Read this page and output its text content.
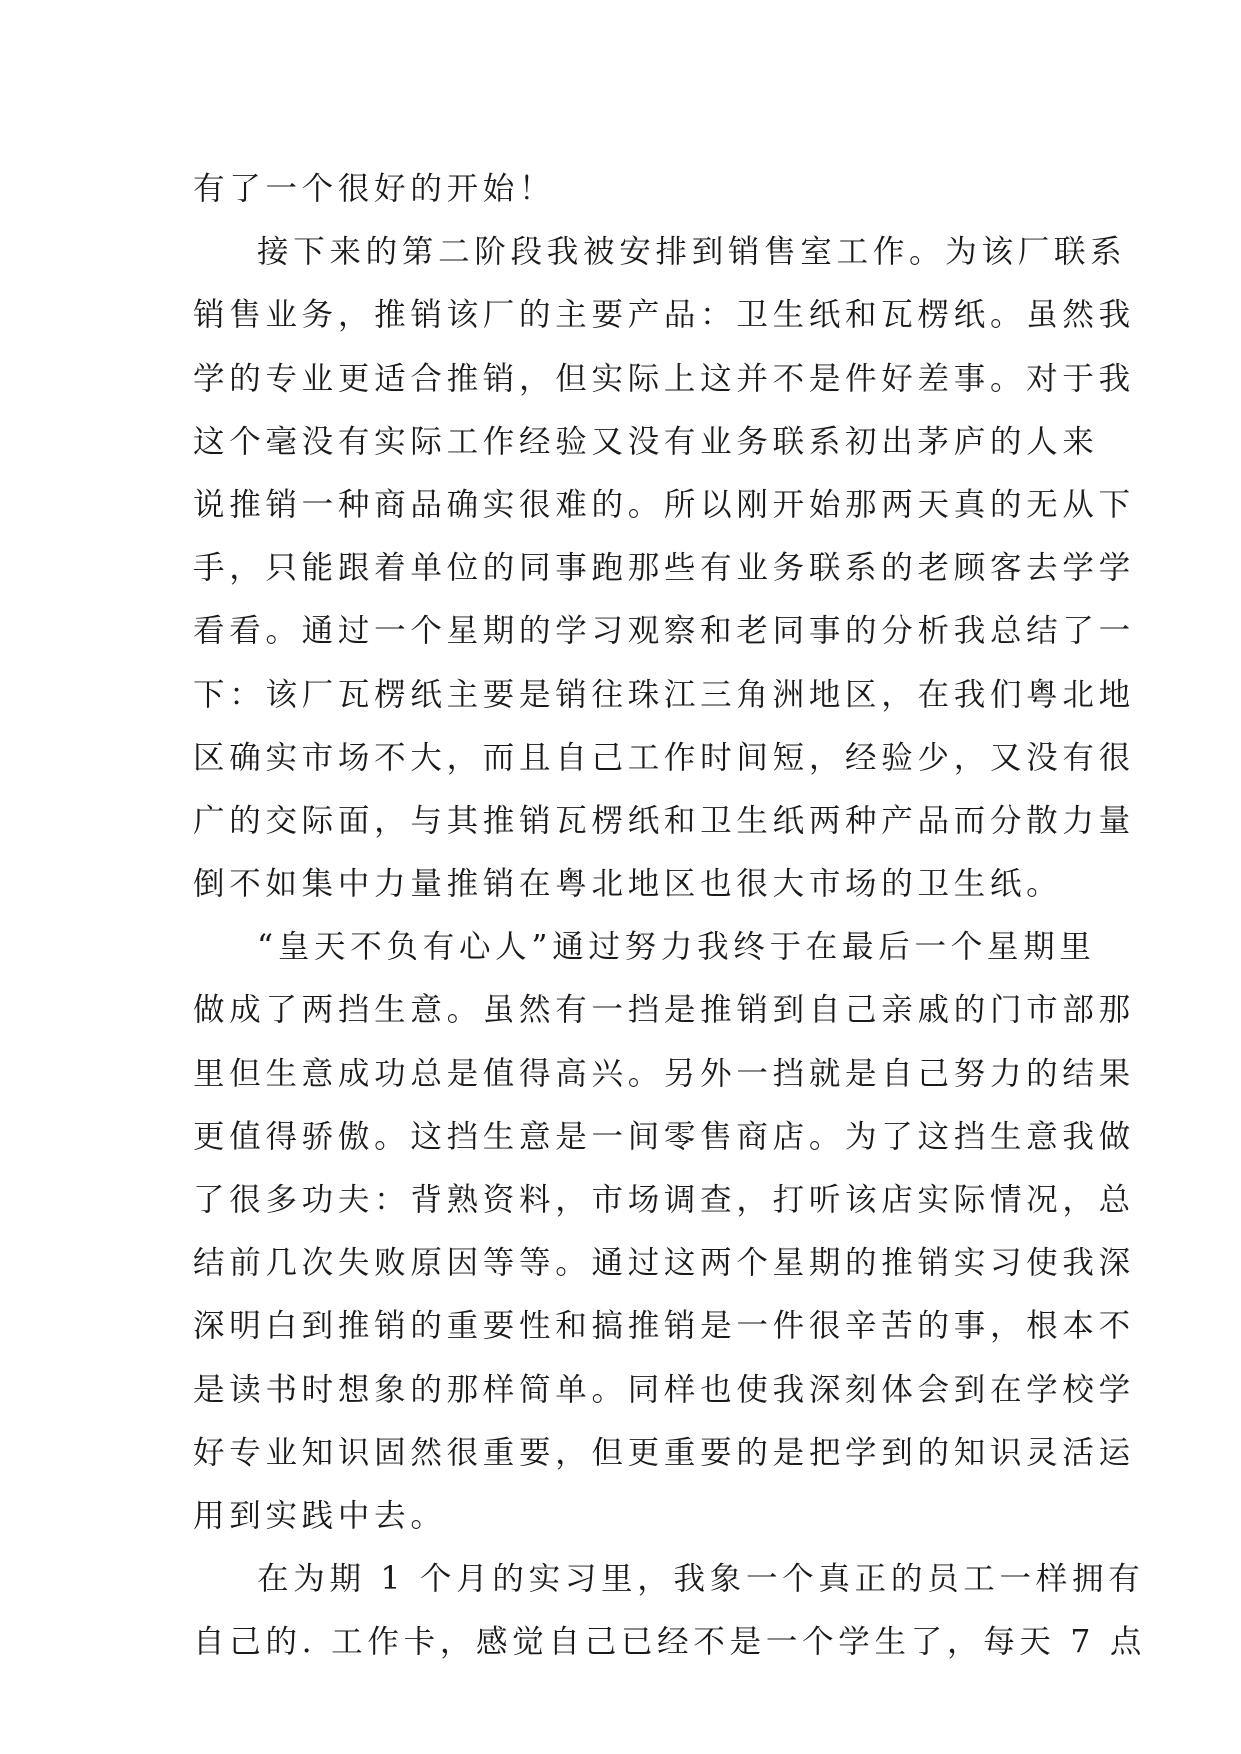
有了一个很好的开始！
接下来的第二阶段我被安排到销售室工作。为该厂联系
销售业务，推销该厂的主要产品：卫生纸和瓦楞纸。虽然我
学的专业更适合推销，但实际上这并不是件好差事。对于我
这个毫没有实际工作经验又没有业务联系初出茅庐的人来
说推销一种商品确实很难的。所以刚开始那两天真的无从下
手，只能跟着单位的同事跑那些有业务联系的老顾客去学学
看看。通过一个星期的学习观察和老同事的分析我总结了一
下：该厂瓦楞纸主要是销往珠江三角洲地区，在我们粤北地
区确实市场不大，而且自己工作时间短，经验少，又没有很
广的交际面，与其推销瓦楞纸和卫生纸两种产品而分散力量
倒不如集中力量推销在粤北地区也很大市场的卫生纸。
“皇天不负有心人”通过努力我终于在最后一个星期里
做成了两挡生意。虽然有一挡是推销到自己亲戚的门市部那
里但生意成功总是值得高兴。另外一挡就是自己努力的结果
更值得骄傲。这挡生意是一间零售商店。为了这挡生意我做
了很多功夫：背熟资料，市场调查，打听该店实际情况，总
结前几次失败原因等等。通过这两个星期的推销实习使我深
深明白到推销的重要性和搞推销是一件很辛苦的事，根本不
是读书时想象的那样简单。同样也使我深刻体会到在学校学
好专业知识固然很重要，但更重要的是把学到的知识灵活运
用到实践中去。
在为期 1 个月的实习里，我象一个真正的员工一样拥有
自己的. 工作卡，感觉自己已经不是一个学生了，每天 7 点
